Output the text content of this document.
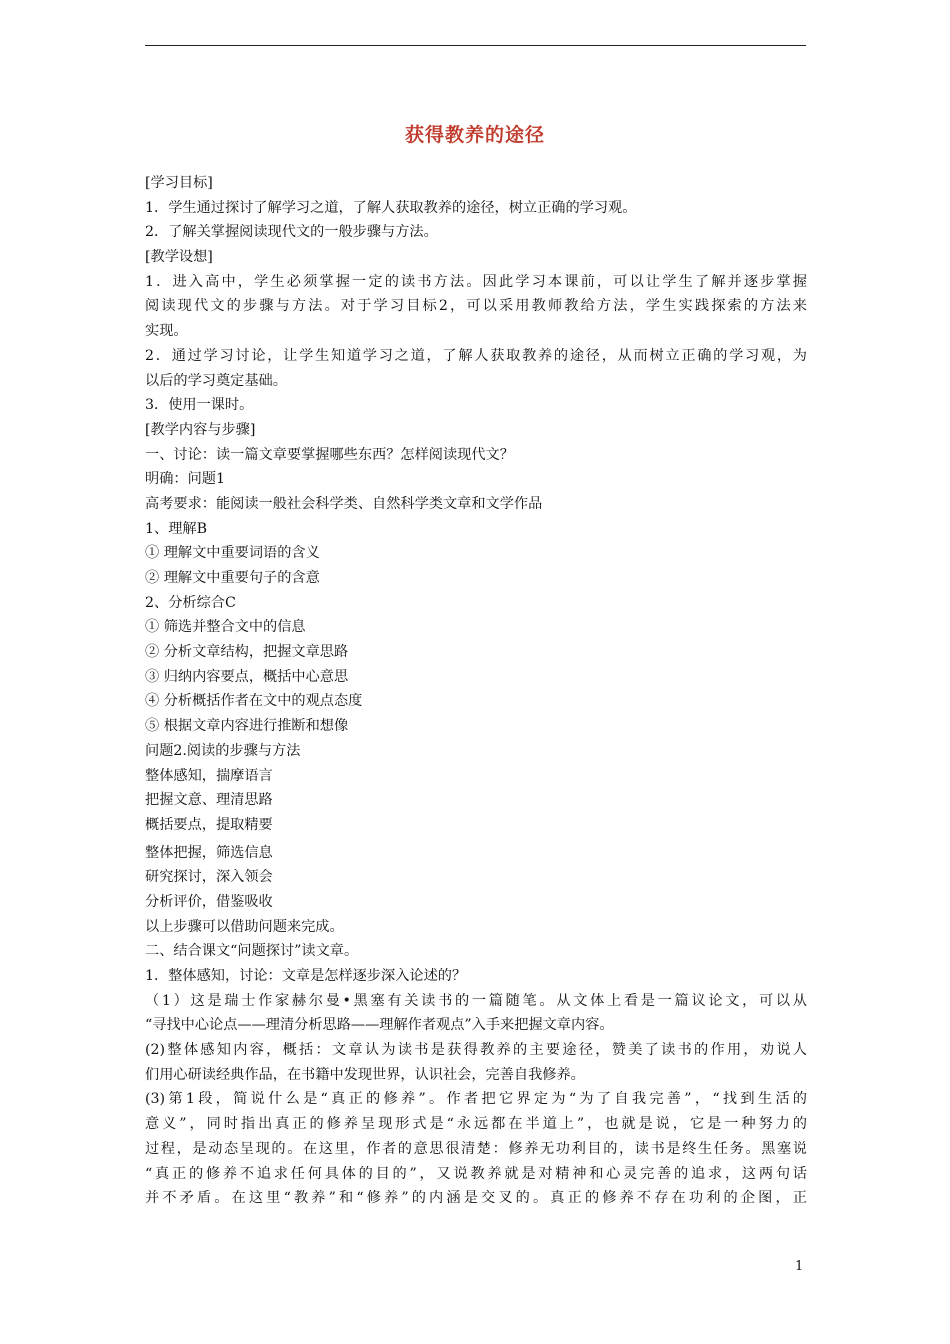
获得教养的途径
[学习目标]
1．学生通过探讨了解学习之道，了解人获取教养的途径，树立正确的学习观。
2．了解关掌握阅读现代文的一般步骤与方法。
[教学设想]
1．进入高中，学生必须掌握一定的读书方法。因此学习本课前，可以让学生了解并逐步掌握
阅读现代文的步骤与方法。对于学习目标2，可以采用教师教给方法，学生实践探索的方法来
实现。
2．通过学习讨论，让学生知道学习之道，了解人获取教养的途径，从而树立正确的学习观，为
以后的学习奠定基础。
3．使用一课时。
[教学内容与步骤]
一、讨论：读一篇文章要掌握哪些东西？怎样阅读现代文？
明确：问题1
高考要求：能阅读一般社会科学类、自然科学类文章和文学作品
1、理解B
① 理解文中重要词语的含义
② 理解文中重要句子的含意
2、分析综合C
① 筛选并整合文中的信息
② 分析文章结构，把握文章思路
③ 归纳内容要点，概括中心意思
④ 分析概括作者在文中的观点态度
⑤ 根据文章内容进行推断和想像
问题2.阅读的步骤与方法
整体感知，揣摩语言
把握文意、理清思路
概括要点，提取精要
整体把握，筛选信息
研究探讨，深入领会
分析评价，借鉴吸收
以上步骤可以借助问题来完成。
二、结合课文“问题探讨”读文章。
1．整体感知，讨论：文章是怎样逐步深入论述的？
（1）这是瑞士作家赫尔曼•黑塞有关读书的一篇随笔。从文体上看是一篇议论文，可以从
“寻找中心论点——理清分析思路——理解作者观点”入手来把握文章内容。
(2)整体感知内容，概括：文章认为读书是获得教养的主要途径，赞美了读书的作用，劝说人
们用心研读经典作品，在书籍中发现世界，认识社会，完善自我修养。
(3)第1段，简说什么是“真正的修养”。作者把它界定为“为了自我完善”，“找到生活的
意义”，同时指出真正的修养呈现形式是“永远都在半道上”，也就是说，它是一种努力的
过程，是动态呈现的。在这里，作者的意思很清楚：修养无功利目的，读书是终生任务。黑塞说
“真正的修养不追求任何具体的目的”，又说教养就是对精神和心灵完善的追求，这两句话
并不矛盾。在这里“教养”和“修养”的内涵是交叉的。真正的修养不存在功利的企图，正
1
